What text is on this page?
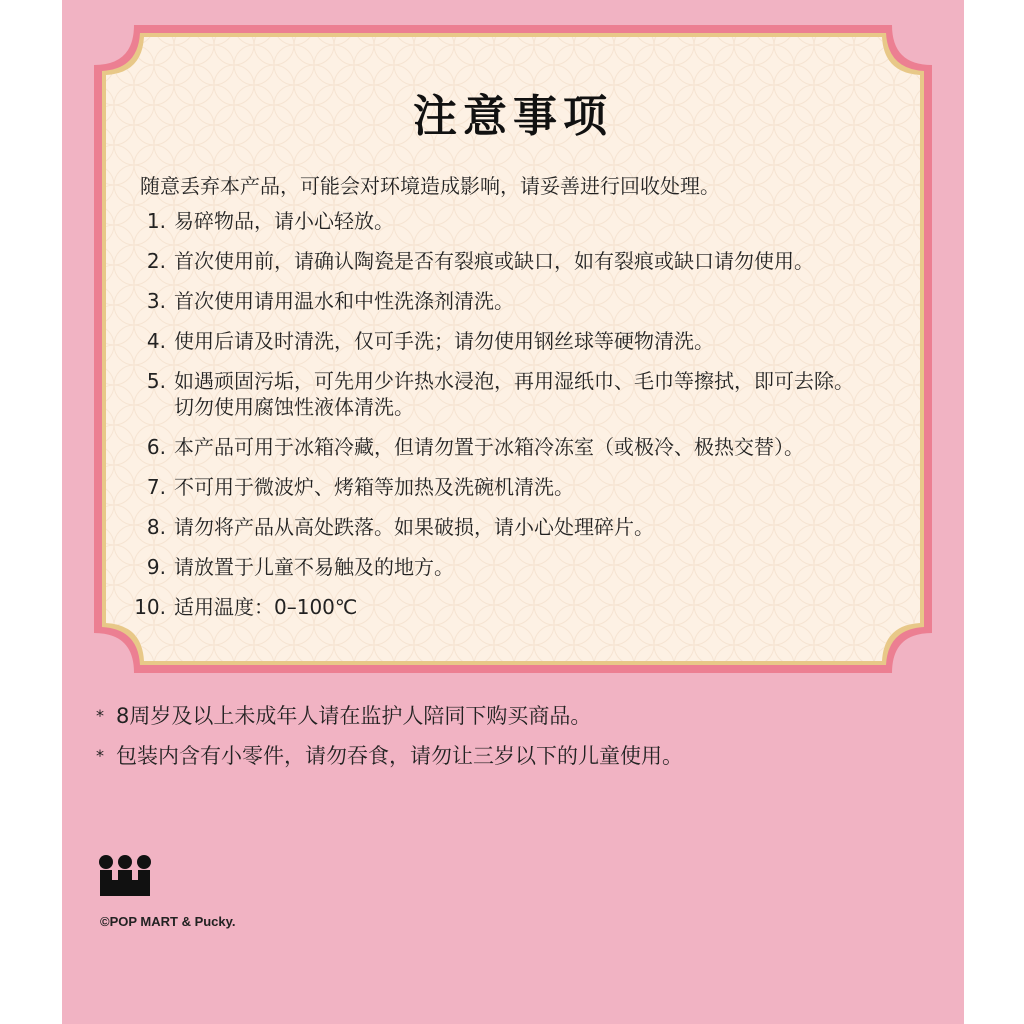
注意事项
随意丢弃本产品，可能会对环境造成影响，请妥善进行回收处理。
1. 易碎物品，请小心轻放。
2. 首次使用前，请确认陶瓷是否有裂痕或缺口，如有裂痕或缺口请勿使用。
3. 首次使用请用温水和中性洗涤剂清洗。
4. 使用后请及时清洗，仅可手洗；请勿使用钢丝球等硬物清洗。
5. 如遇顽固污垢，可先用少许热水浸泡，再用湿纸巾、毛巾等擦拭，即可去除。
切勿使用腐蚀性液体清洗。
6. 本产品可用于冰箱冷藏，但请勿置于冰箱冷冻室（或极冷、极热交替）。
7. 不可用于微波炉、烤箱等加热及洗碗机清洗。
8. 请勿将产品从高处跌落。如果破损，请小心处理碎片。
9. 请放置于儿童不易触及的地方。
10. 适用温度：0–100℃
* 8周岁及以上未成年人请在监护人陪同下购买商品。
* 包装内含有小零件，请勿吞食，请勿让三岁以下的儿童使用。
©POP MART & Pucky.
